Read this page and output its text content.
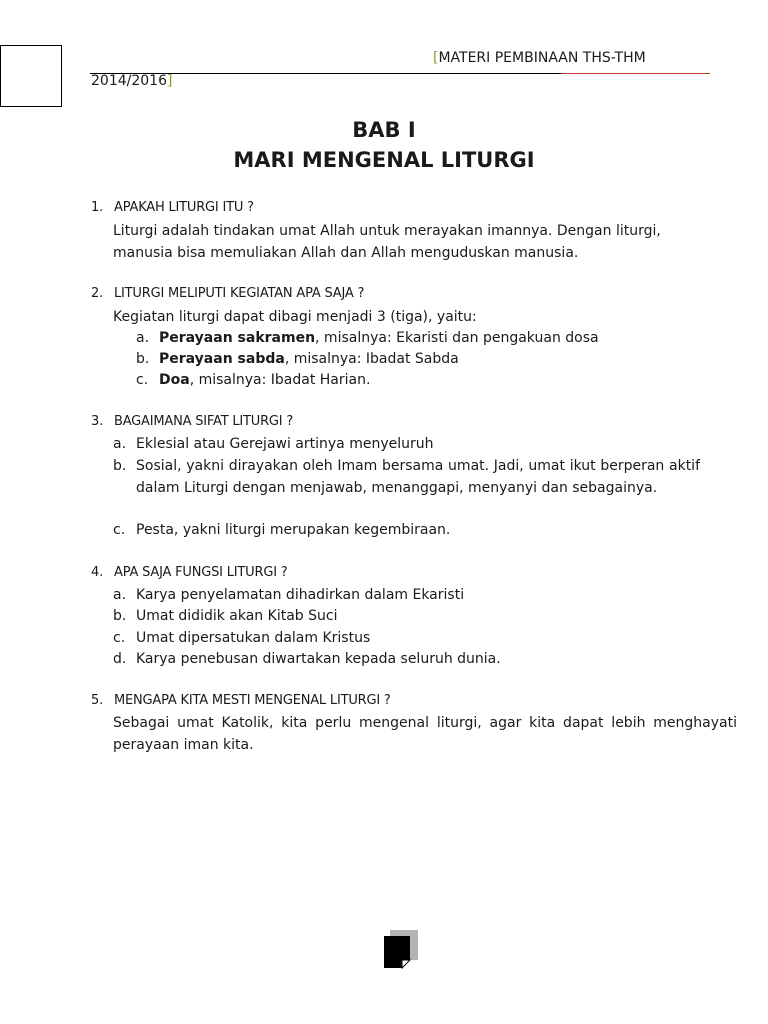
[MATERI PEMBINAAN THS-THM
2014/2016]
BAB I
MARI MENGENAL LITURGI
1. APAKAH LITURGI ITU ?
Liturgi adalah tindakan umat Allah untuk merayakan imannya. Dengan liturgi,
manusia bisa memuliakan Allah dan Allah menguduskan manusia.
2. LITURGI MELIPUTI KEGIATAN APA SAJA ?
Kegiatan liturgi dapat dibagi menjadi 3 (tiga), yaitu:
a. Perayaan sakramen, misalnya: Ekaristi dan pengakuan dosa
b. Perayaan sabda, misalnya: Ibadat Sabda
c. Doa, misalnya: Ibadat Harian.
3. BAGAIMANA SIFAT LITURGI ?
a. Eklesial atau Gerejawi artinya menyeluruh
b. Sosial, yakni dirayakan oleh Imam bersama umat. Jadi, umat ikut berperan aktif dalam Liturgi dengan menjawab, menanggapi, menyanyi dan sebagainya.
c. Pesta, yakni liturgi merupakan kegembiraan.
4. APA SAJA FUNGSI LITURGI ?
a. Karya penyelamatan dihadirkan dalam Ekaristi
b. Umat dididik akan Kitab Suci
c. Umat dipersatukan dalam Kristus
d. Karya penebusan diwartakan kepada seluruh dunia.
5. MENGAPA KITA MESTI MENGENAL LITURGI ?
Sebagai umat Katolik, kita perlu mengenal liturgi, agar kita dapat lebih menghayati perayaan iman kita.
